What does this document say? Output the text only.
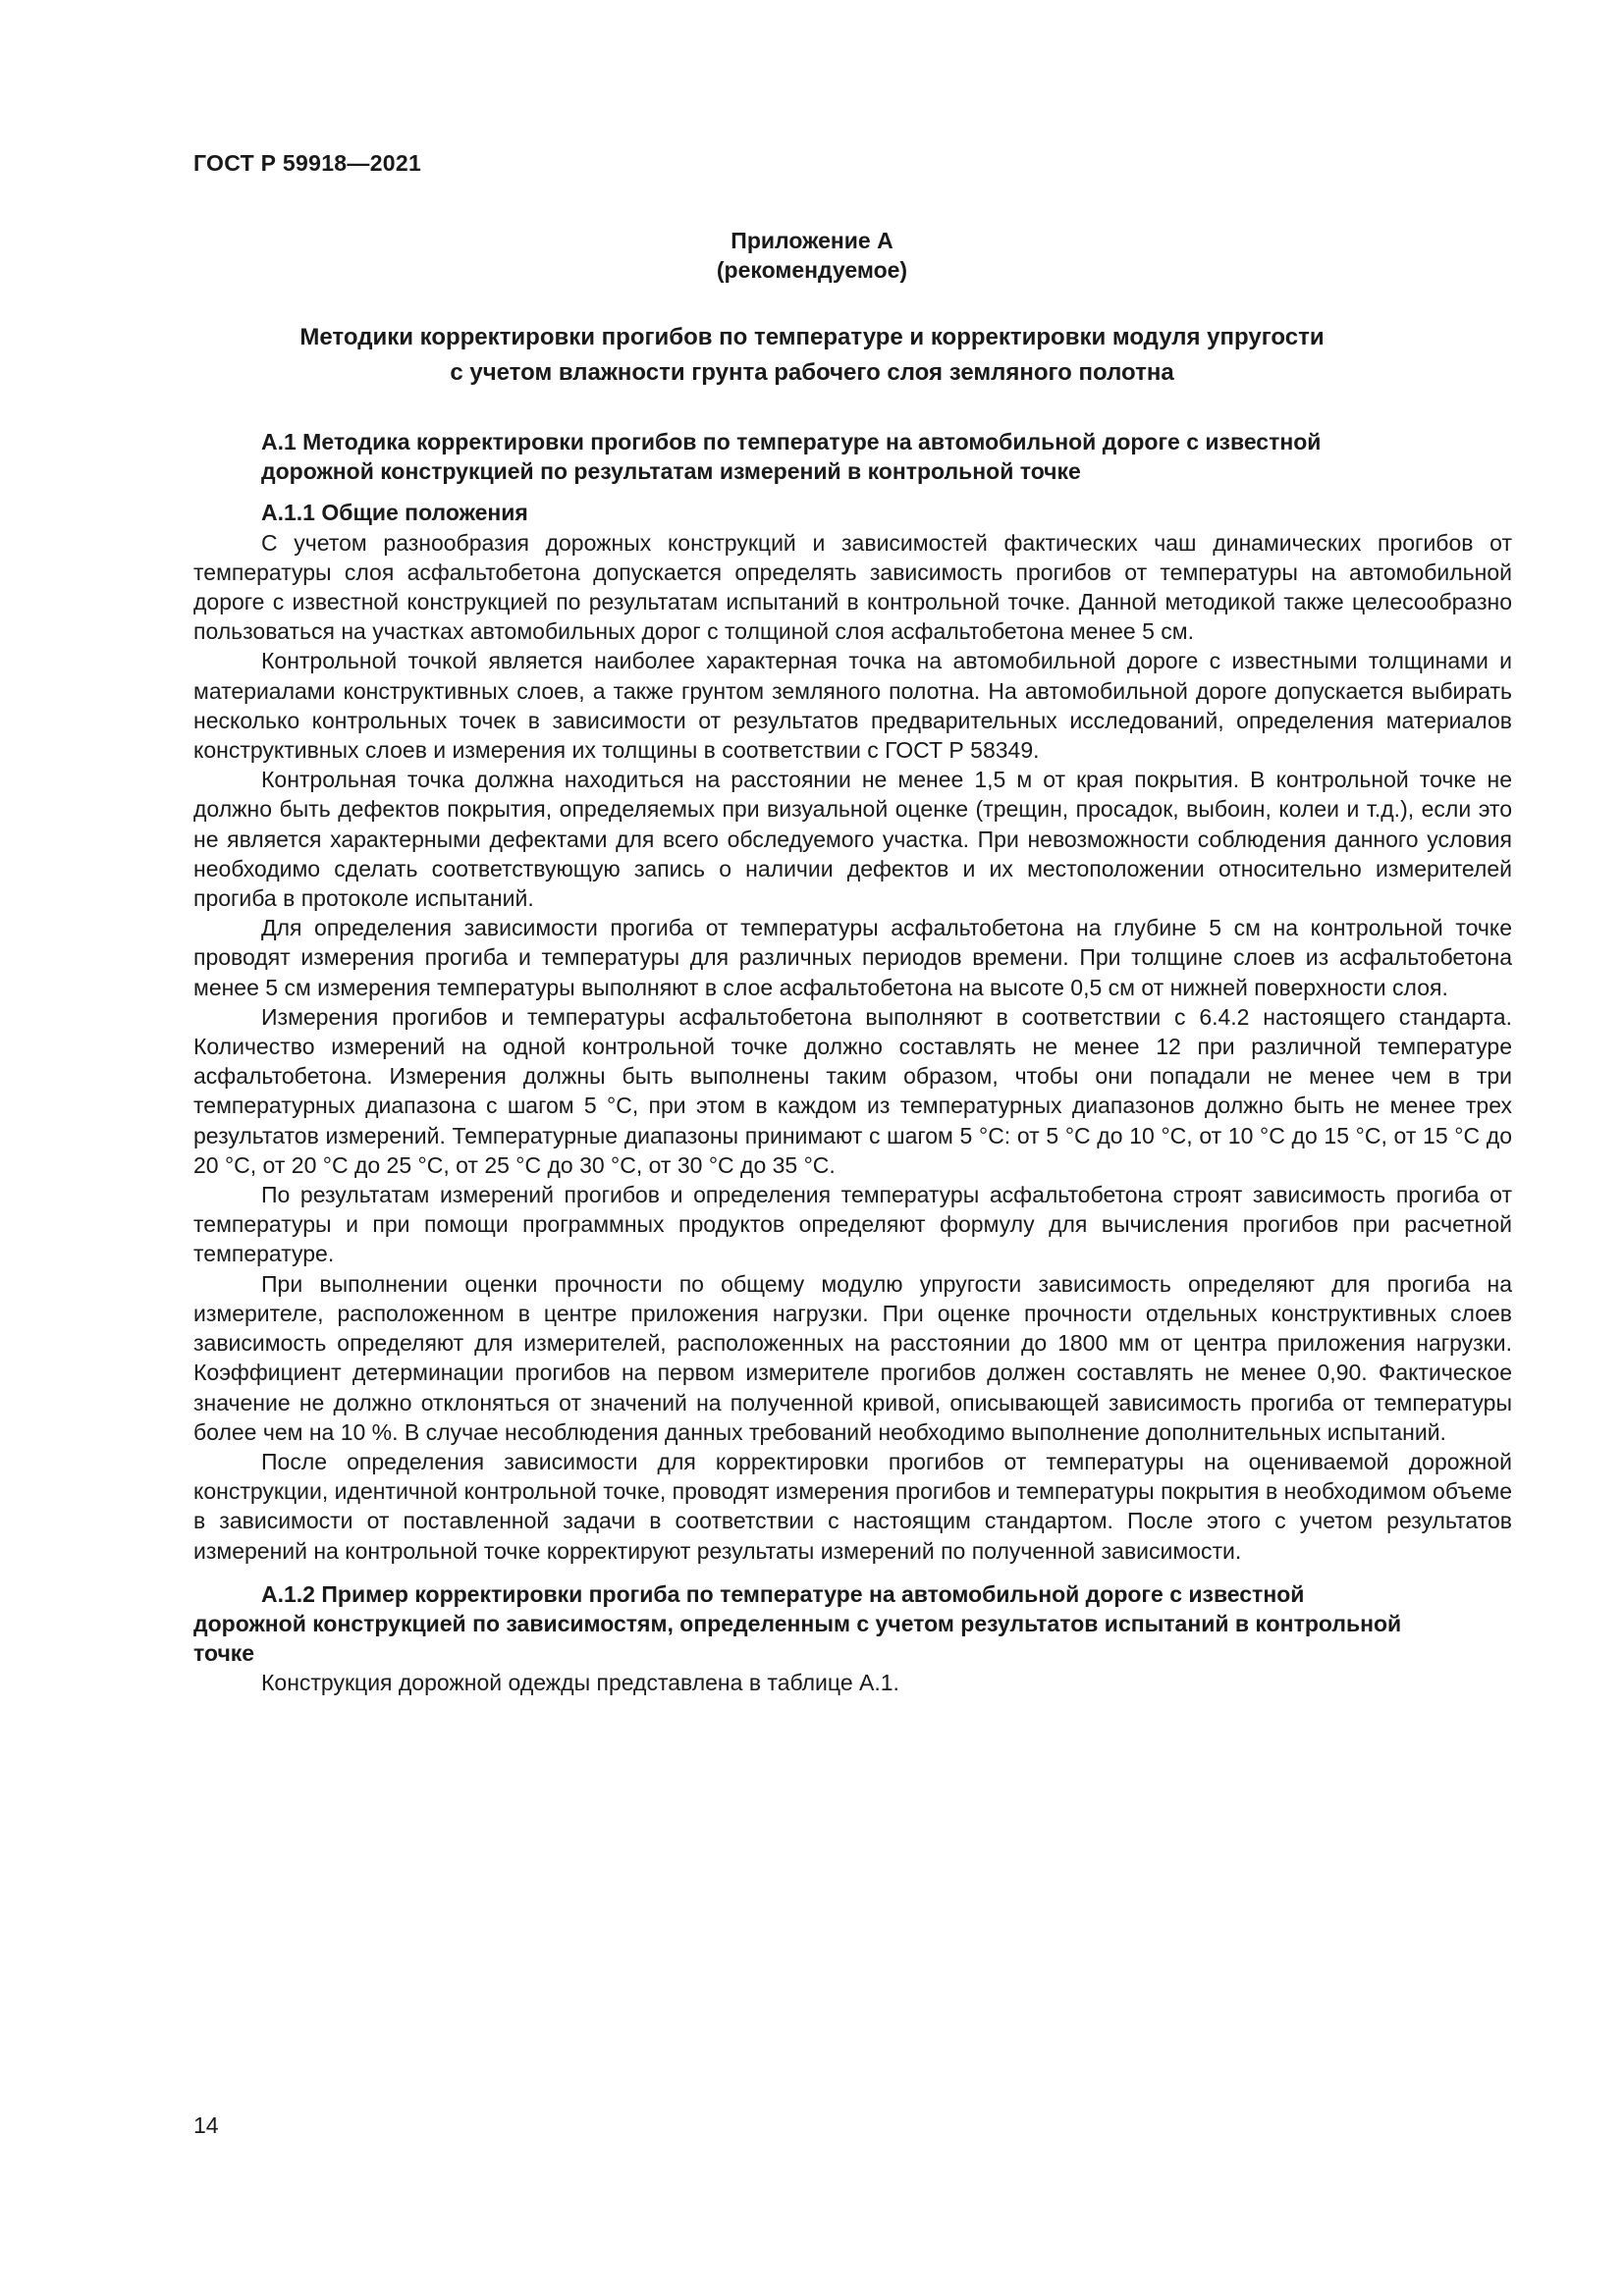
ГОСТ Р 59918—2021
Приложение А
(рекомендуемое)
Методики корректировки прогибов по температуре и корректировки модуля упругости
с учетом влажности грунта рабочего слоя земляного полотна
А.1 Методика корректировки прогибов по температуре на автомобильной дороге с известной
дорожной конструкцией по результатам измерений в контрольной точке
А.1.1 Общие положения

С учетом разнообразия дорожных конструкций и зависимостей фактических чаш динамических прогибов от температуры слоя асфальтобетона допускается определять зависимость прогибов от температуры на автомобильной дороге с известной конструкцией по результатам испытаний в контрольной точке. Данной методикой также целесообразно пользоваться на участках автомобильных дорог с толщиной слоя асфальтобетона менее 5 см.

Контрольной точкой является наиболее характерная точка на автомобильной дороге с известными толщинами и материалами конструктивных слоев, а также грунтом земляного полотна. На автомобильной дороге допускается выбирать несколько контрольных точек в зависимости от результатов предварительных исследований, определения материалов конструктивных слоев и измерения их толщины в соответствии с ГОСТ Р 58349.

Контрольная точка должна находиться на расстоянии не менее 1,5 м от края покрытия. В контрольной точке не должно быть дефектов покрытия, определяемых при визуальной оценке (трещин, просадок, выбоин, колеи и т.д.), если это не является характерными дефектами для всего обследуемого участка. При невозможности соблюдения данного условия необходимо сделать соответствующую запись о наличии дефектов и их местоположении относительно измерителей прогиба в протоколе испытаний.

Для определения зависимости прогиба от температуры асфальтобетона на глубине 5 см на контрольной точке проводят измерения прогиба и температуры для различных периодов времени. При толщине слоев из асфальтобетона менее 5 см измерения температуры выполняют в слое асфальтобетона на высоте 0,5 см от нижней поверхности слоя.

Измерения прогибов и температуры асфальтобетона выполняют в соответствии с 6.4.2 настоящего стандарта. Количество измерений на одной контрольной точке должно составлять не менее 12 при различной температуре асфальтобетона. Измерения должны быть выполнены таким образом, чтобы они попадали не менее чем в три температурных диапазона с шагом 5 °С, при этом в каждом из температурных диапазонов должно быть не менее трех результатов измерений. Температурные диапазоны принимают с шагом 5 °С: от 5 °С до 10 °С, от 10 °С до 15 °С, от 15 °С до 20 °С, от 20 °С до 25 °С, от 25 °С до 30 °С, от 30 °С до 35 °С.

По результатам измерений прогибов и определения температуры асфальтобетона строят зависимость прогиба от температуры и при помощи программных продуктов определяют формулу для вычисления прогибов при расчетной температуре.

При выполнении оценки прочности по общему модулю упругости зависимость определяют для прогиба на измерителе, расположенном в центре приложения нагрузки. При оценке прочности отдельных конструктивных слоев зависимость определяют для измерителей, расположенных на расстоянии до 1800 мм от центра приложения нагрузки. Коэффициент детерминации прогибов на первом измерителе прогибов должен составлять не менее 0,90. Фактическое значение не должно отклоняться от значений на полученной кривой, описывающей зависимость прогиба от температуры более чем на 10 %. В случае несоблюдения данных требований необходимо выполнение дополнительных испытаний.

После определения зависимости для корректировки прогибов от температуры на оцениваемой дорожной конструкции, идентичной контрольной точке, проводят измерения прогибов и температуры покрытия в необходимом объеме в зависимости от поставленной задачи в соответствии с настоящим стандартом. После этого с учетом результатов измерений на контрольной точке корректируют результаты измерений по полученной зависимости.

А.1.2 Пример корректировки прогиба по температуре на автомобильной дороге с известной
дорожной конструкцией по зависимостям, определенным с учетом результатов испытаний в контрольной
точке

Конструкция дорожной одежды представлена в таблице А.1.

14
